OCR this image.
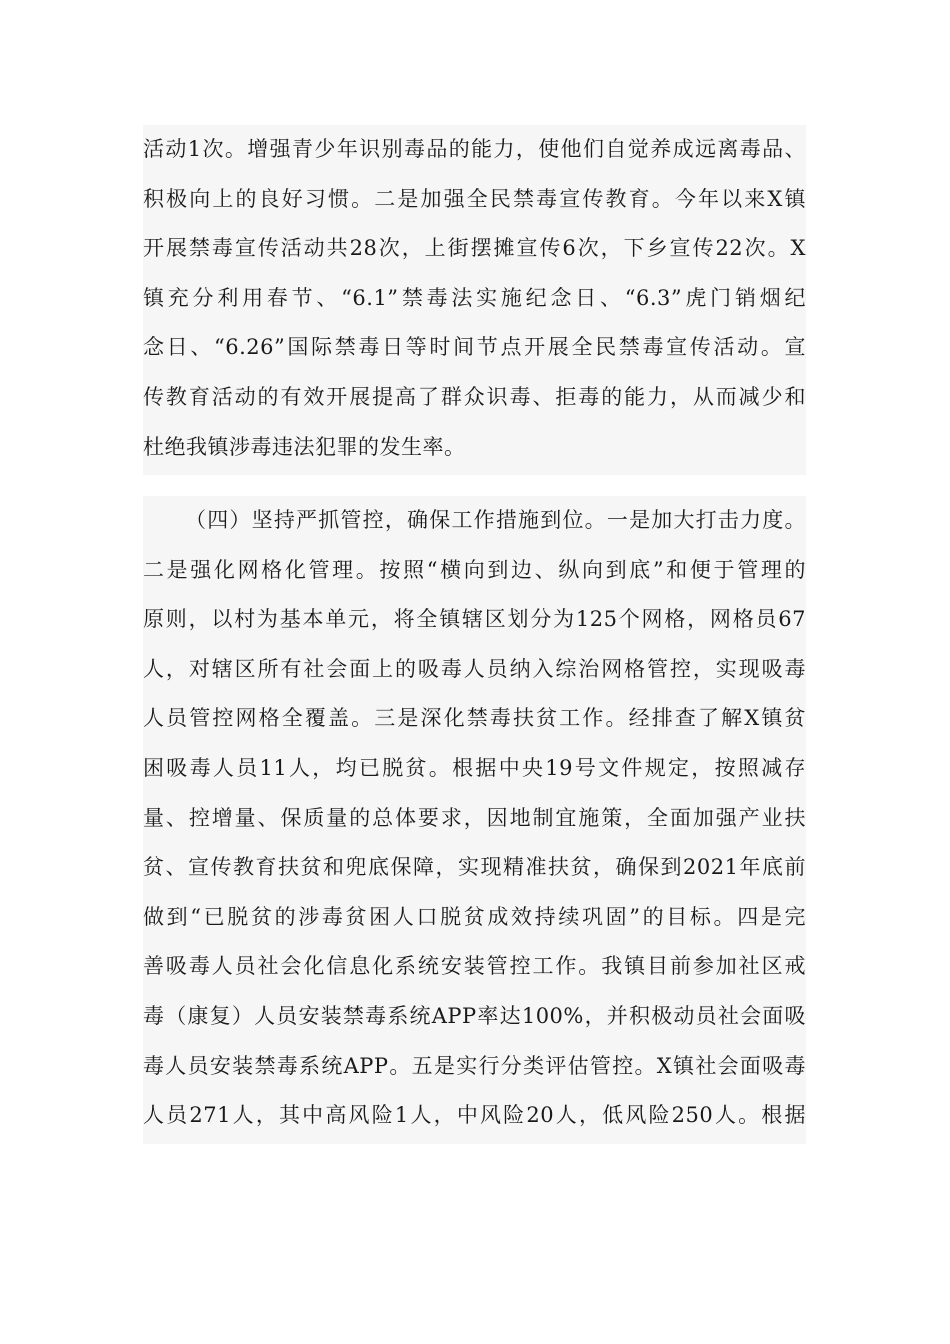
活动1次。增强青少年识别毒品的能力，使他们自觉养成远离毒品、
积极向上的良好习惯。二是加强全民禁毒宣传教育。今年以来X镇
开展禁毒宣传活动共28次，上街摆摊宣传6次，下乡宣传22次。X
镇充分利用春节、“6.1”禁毒法实施纪念日、“6.3”虎门销烟纪
念日、“6.26”国际禁毒日等时间节点开展全民禁毒宣传活动。宣
传教育活动的有效开展提高了群众识毒、拒毒的能力，从而减少和
杜绝我镇涉毒违法犯罪的发生率。
（四）坚持严抓管控，确保工作措施到位。一是加大打击力度。
二是强化网格化管理。按照“横向到边、纵向到底”和便于管理的
原则，以村为基本单元，将全镇辖区划分为125个网格，网格员67
人，对辖区所有社会面上的吸毒人员纳入综治网格管控，实现吸毒
人员管控网格全覆盖。三是深化禁毒扶贫工作。经排查了解X镇贫
困吸毒人员11人，均已脱贫。根据中央19号文件规定，按照减存
量、控增量、保质量的总体要求，因地制宜施策，全面加强产业扶
贫、宣传教育扶贫和兜底保障，实现精准扶贫，确保到2021年底前
做到“已脱贫的涉毒贫困人口脱贫成效持续巩固”的目标。四是完
善吸毒人员社会化信息化系统安装管控工作。我镇目前参加社区戒
毒（康复）人员安装禁毒系统APP率达100%，并积极动员社会面吸
毒人员安装禁毒系统APP。五是实行分类评估管控。X镇社会面吸毒
人员271人，其中高风险1人，中风险20人，低风险250人。根据
